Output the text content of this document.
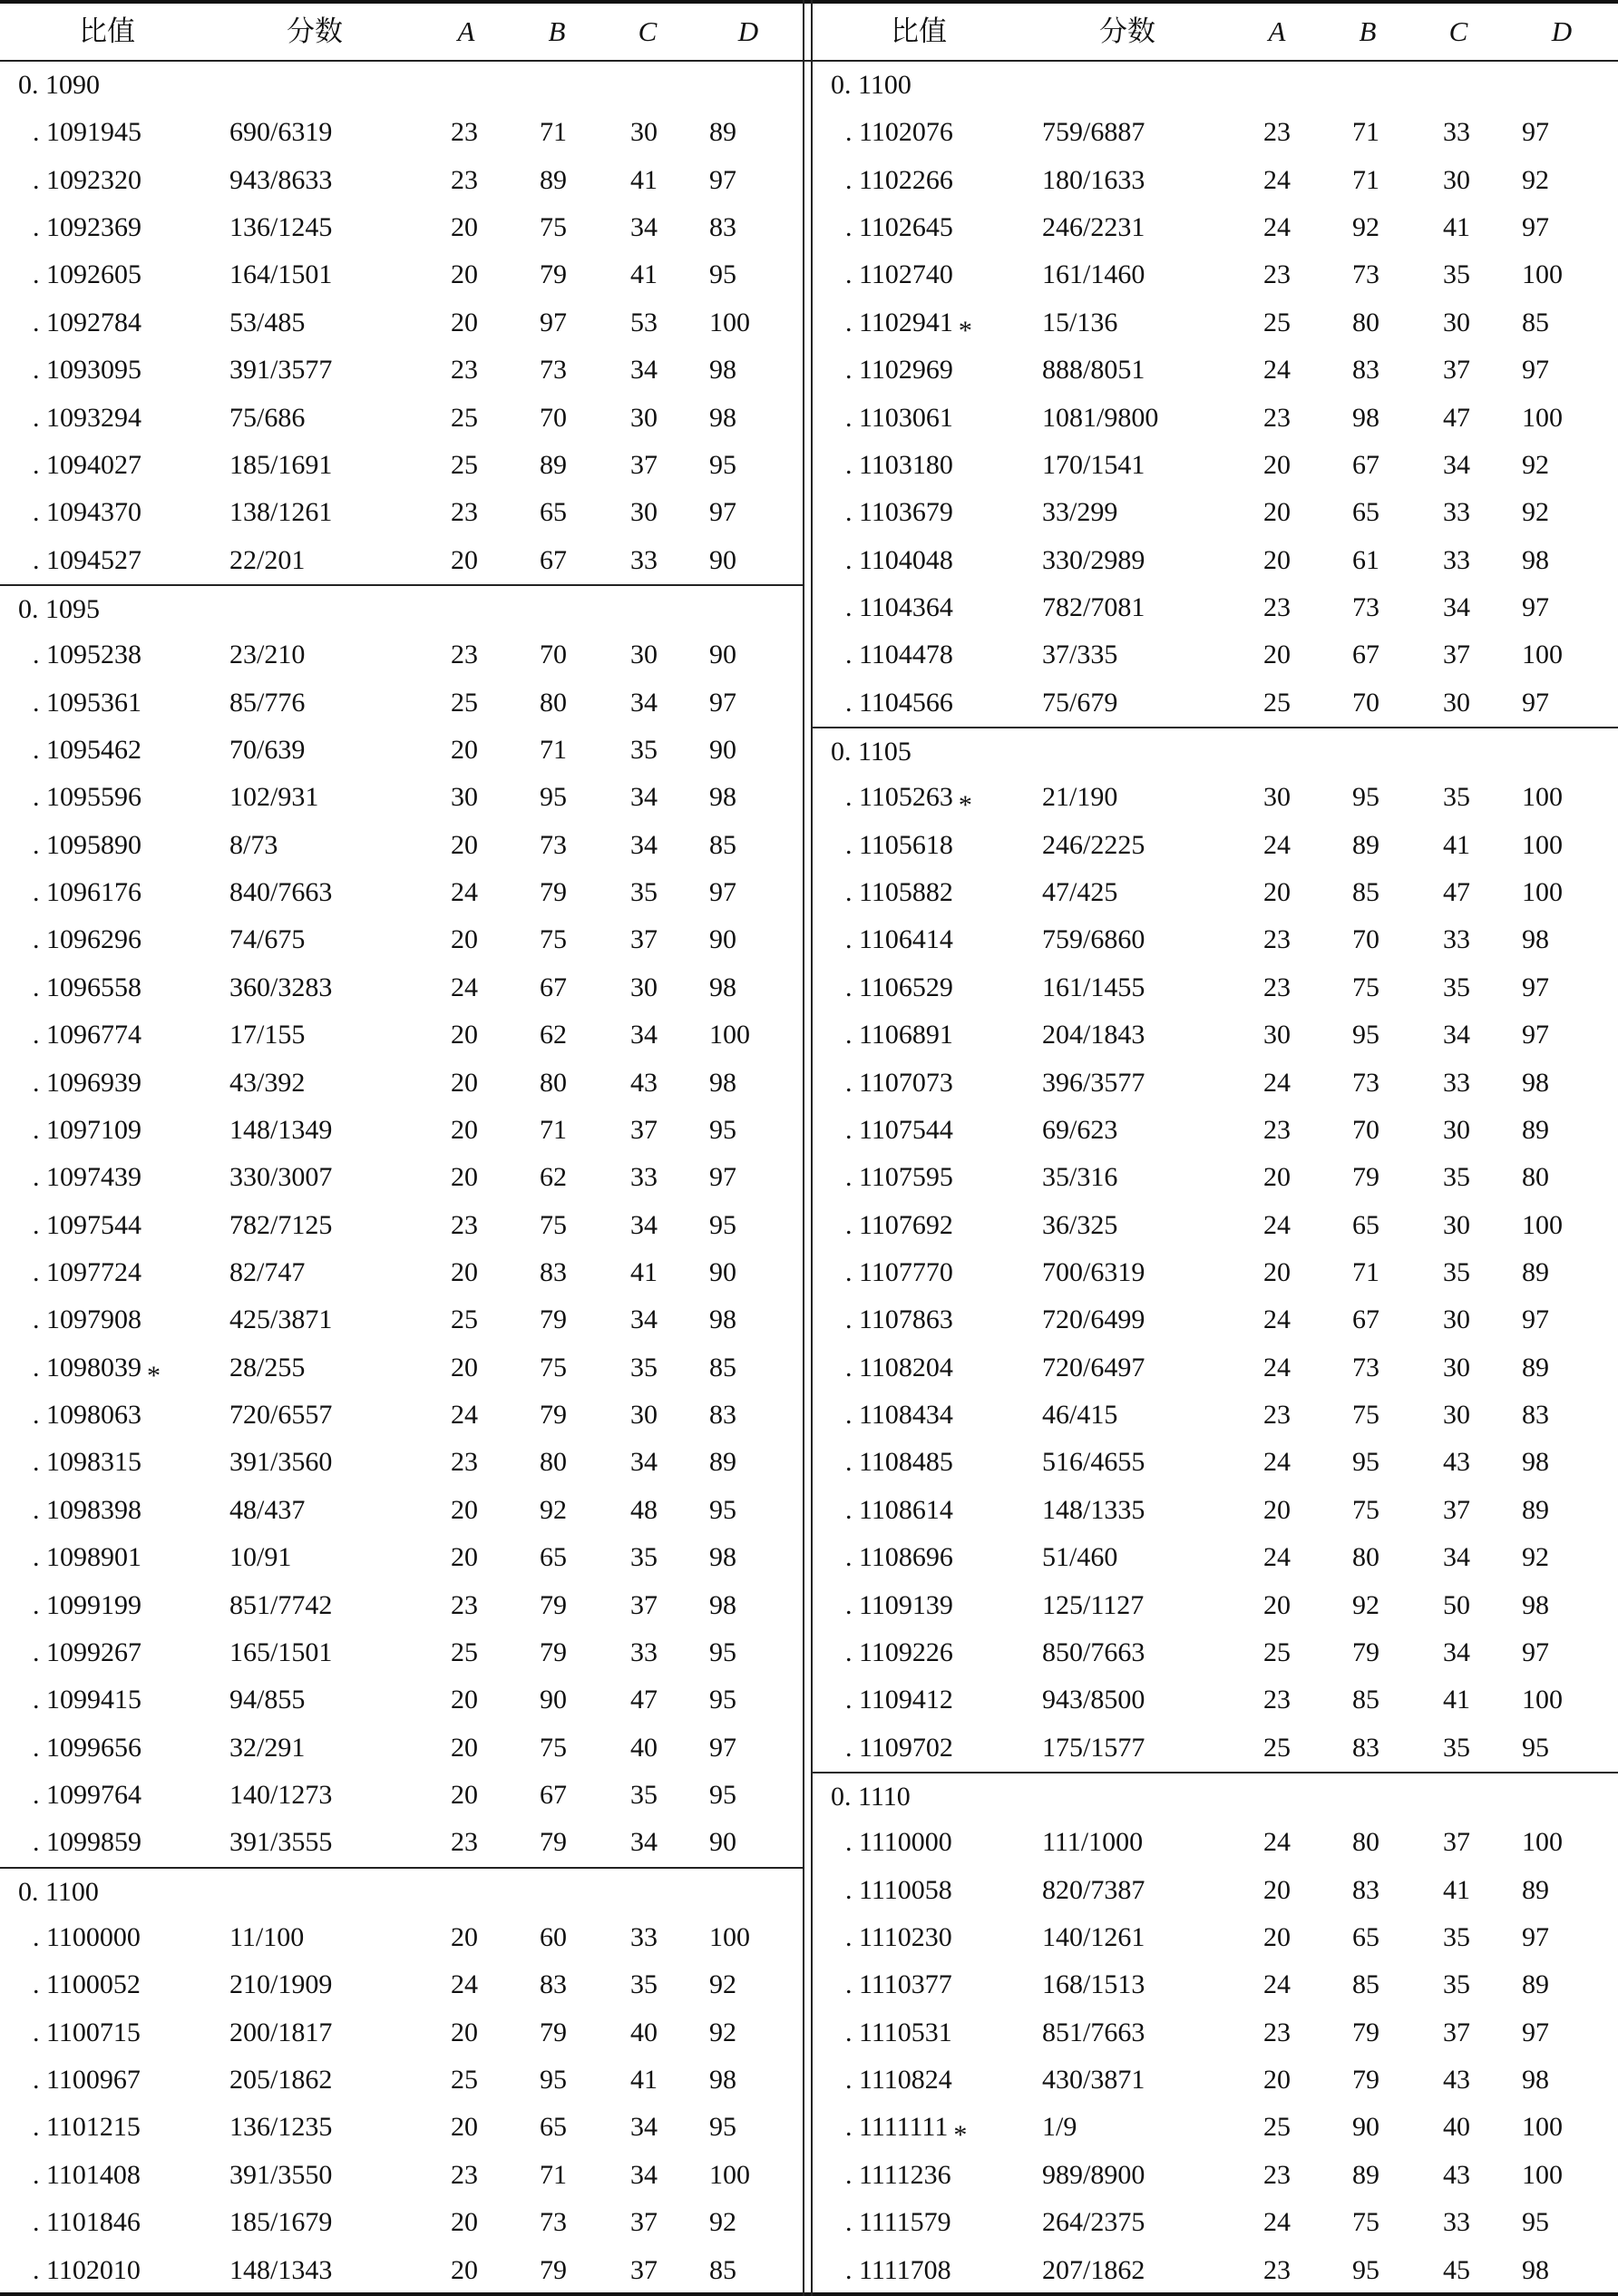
比值	分数	A	B	C	D
0. 1090
. 1091945	690/6319	23 71 30 89
. 1092320	943/8633	23 89 41 97
. 1092369	136/1245	20 75 34 83
. 1092605	164/1501	20 79 41 95
. 1092784	53/485	20 97 53 100
. 1093095	391/3577	23 73 34 98
. 1093294	75/686	25 70 30 98
. 1094027	185/1691	25 89 37 95
. 1094370	138/1261	23 65 30 97
. 1094527	22/201	20 67 33 90
0. 1095
. 1095238	23/210	23 70 30 90
. 1095361	85/776	25 80 34 97
. 1095462	70/639	20 71 35 90
. 1095596	102/931	30 95 34 98
. 1095890	8/73	20 73 34 85
. 1096176	840/7663	24 79 35 97
. 1096296	74/675	20 75 37 90
. 1096558	360/3283	24 67 30 98
. 1096774	17/155	20 62 34 100
. 1096939	43/392	20 80 43 98
. 1097109	148/1349	20 71 37 95
. 1097439	330/3007	20 62 33 97
. 1097544	782/7125	23 75 34 95
. 1097724	82/747	20 83 41 90
. 1097908	425/3871	25 79 34 98
. 1098039 *	28/255	20 75 35 85
. 1098063	720/6557	24 79 30 83
. 1098315	391/3560	23 80 34 89
. 1098398	48/437	20 92 48 95
. 1098901	10/91	20 65 35 98
. 1099199	851/7742	23 79 37 98
. 1099267	165/1501	25 79 33 95
. 1099415	94/855	20 90 47 95
. 1099656	32/291	20 75 40 97
. 1099764	140/1273	20 67 35 95
. 1099859	391/3555	23 79 34 90
0. 1100
. 1100000	11/100	20 60 33 100
. 1100052	210/1909	24 83 35 92
. 1100715	200/1817	20 79 40 92
. 1100967	205/1862	25 95 41 98
. 1101215	136/1235	20 65 34 95
. 1101408	391/3550	23 71 34 100
. 1101846	185/1679	20 73 37 92
. 1102010	148/1343	20 79 37 85
比值	分数	A	B	C	D
0. 1100
. 1102076	759/6887	23 71 33 97
. 1102266	180/1633	24 71 30 92
. 1102645	246/2231	24 92 41 97
. 1102740	161/1460	23 73 35 100
. 1102941 *	15/136	25 80 30 85
. 1102969	888/8051	24 83 37 97
. 1103061	1081/9800	23 98 47 100
. 1103180	170/1541	20 67 34 92
. 1103679	33/299	20 65 33 92
. 1104048	330/2989	20 61 33 98
. 1104364	782/7081	23 73 34 97
. 1104478	37/335	20 67 37 100
. 1104566	75/679	25 70 30 97
0. 1105
. 1105263 *	21/190	30 95 35 100
. 1105618	246/2225	24 89 41 100
. 1105882	47/425	20 85 47 100
. 1106414	759/6860	23 70 33 98
. 1106529	161/1455	23 75 35 97
. 1106891	204/1843	30 95 34 97
. 1107073	396/3577	24 73 33 98
. 1107544	69/623	23 70 30 89
. 1107595	35/316	20 79 35 80
. 1107692	36/325	24 65 30 100
. 1107770	700/6319	20 71 35 89
. 1107863	720/6499	24 67 30 97
. 1108204	720/6497	24 73 30 89
. 1108434	46/415	23 75 30 83
. 1108485	516/4655	24 95 43 98
. 1108614	148/1335	20 75 37 89
. 1108696	51/460	24 80 34 92
. 1109139	125/1127	20 92 50 98
. 1109226	850/7663	25 79 34 97
. 1109412	943/8500	23 85 41 100
. 1109702	175/1577	25 83 35 95
0. 1110
. 1110000	111/1000	24 80 37 100
. 1110058	820/7387	20 83 41 89
. 1110230	140/1261	20 65 35 97
. 1110377	168/1513	24 85 35 89
. 1110531	851/7663	23 79 37 97
. 1110824	430/3871	20 79 43 98
. 1111111 *	1/9	25 90 40 100
. 1111236	989/8900	23 89 43 100
. 1111579	264/2375	24 75 33 95
. 1111708	207/1862	23 95 45 98
